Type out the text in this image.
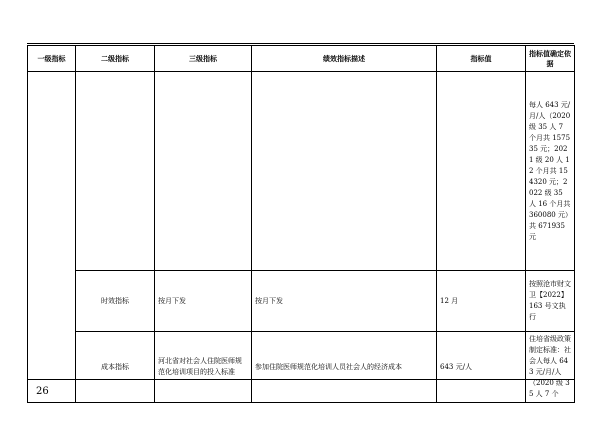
一级指标	二级指标	三级指标	绩效指标描述	指标值	指标值确定依据
					每人 643 元/月/人（2020 级 35 人 7 个月共 157535 元；2021 级 20 人 12 个月共 154320 元；2022 级 35 人 16 个月共 360080 元）共 671935 元
	时效指标	按月下发	按月下发	12 月	按照沧市财文卫【2022】163 号文执行
	成本指标	河北省对社会人住院医师规范化培训项目的投入标准	参加住院医师规范化培训人员社会人的经济成本	643 元/人	住培省级政策制定标准：社会人每人 643 元/月/人（2020 级 35 人 7 个
26
